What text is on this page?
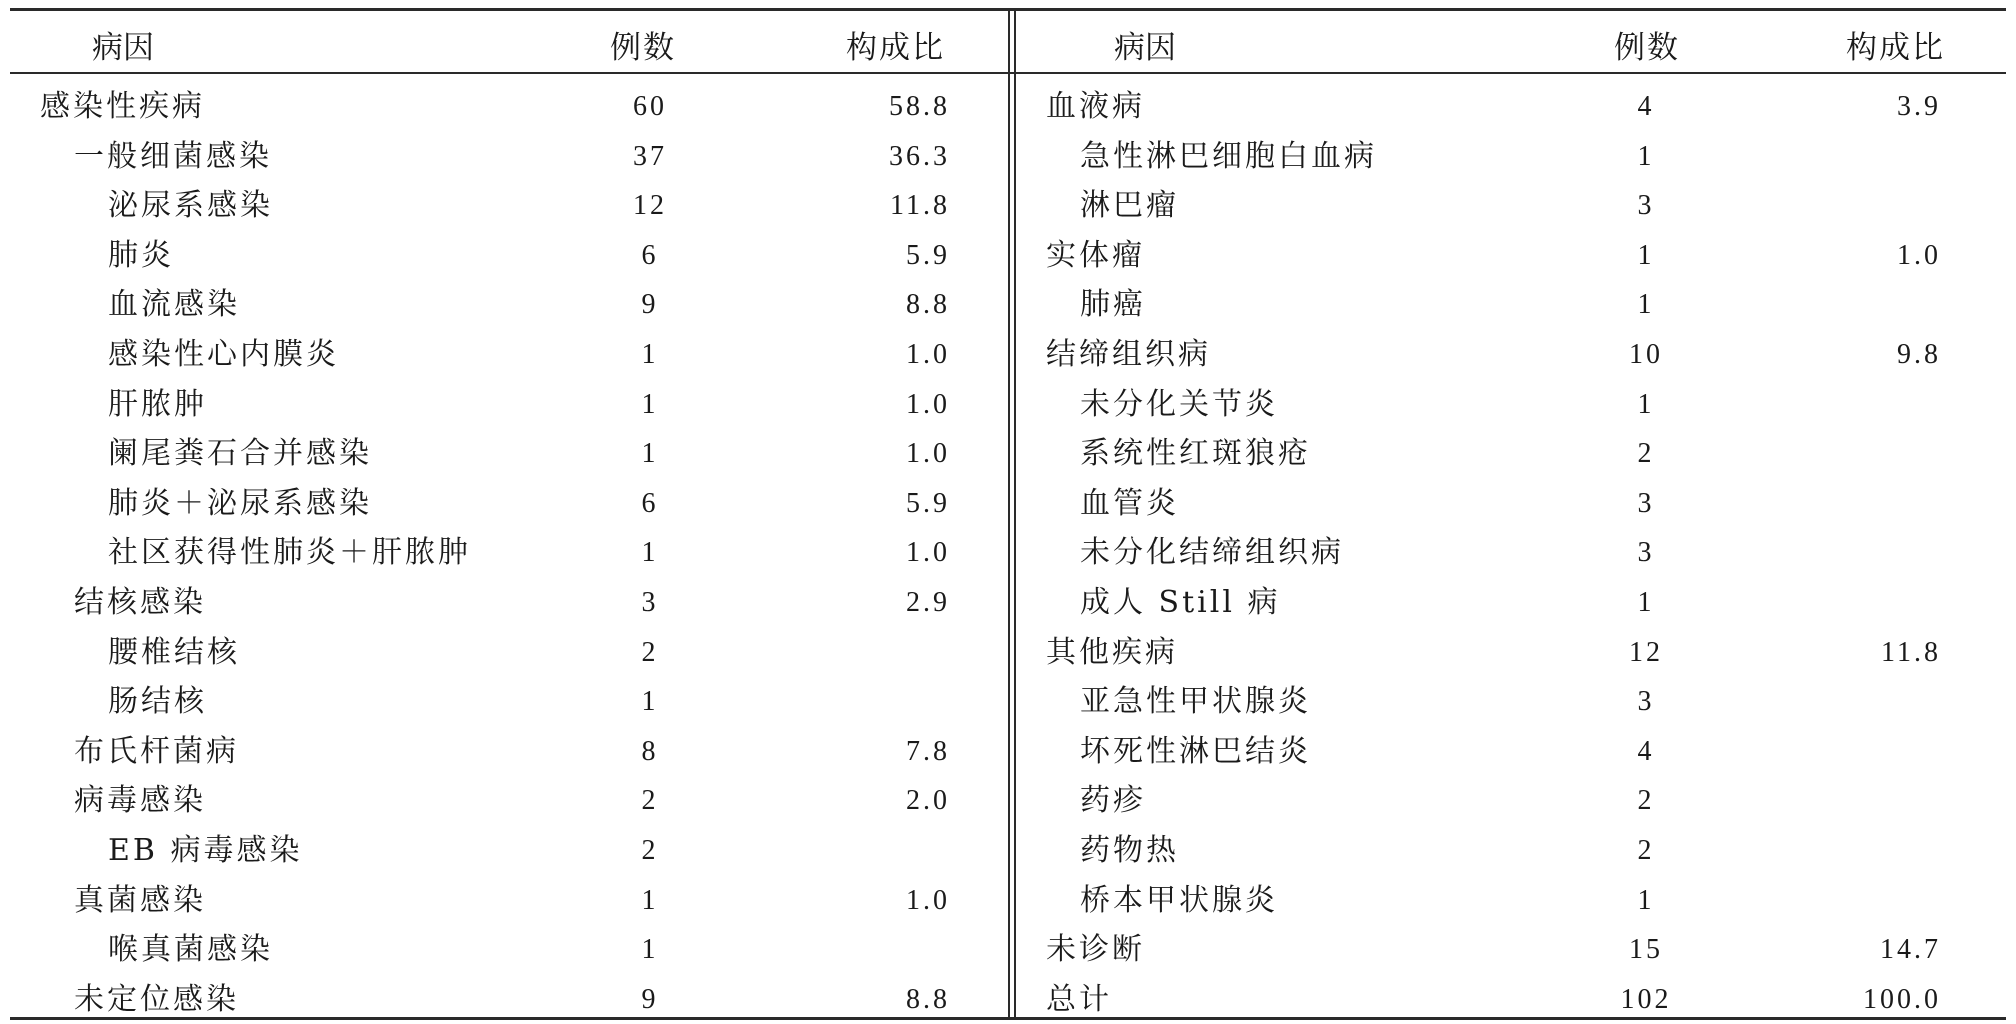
病因	例数	构成比	病因	例数	构成比
感染性疾病	60	58.8
一般细菌感染	37	36.3
泌尿系感染	12	11.8
肺炎	6	5.9
血流感染	9	8.8
感染性心内膜炎	1	1.0
肝脓肿	1	1.0
阑尾粪石合并感染	1	1.0
肺炎＋泌尿系感染	6	5.9
社区获得性肺炎＋肝脓肿	1	1.0
结核感染	3	2.9
腰椎结核	2
肠结核	1
布氏杆菌病	8	7.8
病毒感染	2	2.0
EB 病毒感染	2
真菌感染	1	1.0
喉真菌感染	1
未定位感染	9	8.8
血液病	4	3.9
急性淋巴细胞白血病	1
淋巴瘤	3
实体瘤	1	1.0
肺癌	1
结缔组织病	10	9.8
未分化关节炎	1
系统性红斑狼疮	2
血管炎	3
未分化结缔组织病	3
成人 Still 病	1
其他疾病	12	11.8
亚急性甲状腺炎	3
坏死性淋巴结炎	4
药疹	2
药物热	2
桥本甲状腺炎	1
未诊断	15	14.7
总计	102	100.0
